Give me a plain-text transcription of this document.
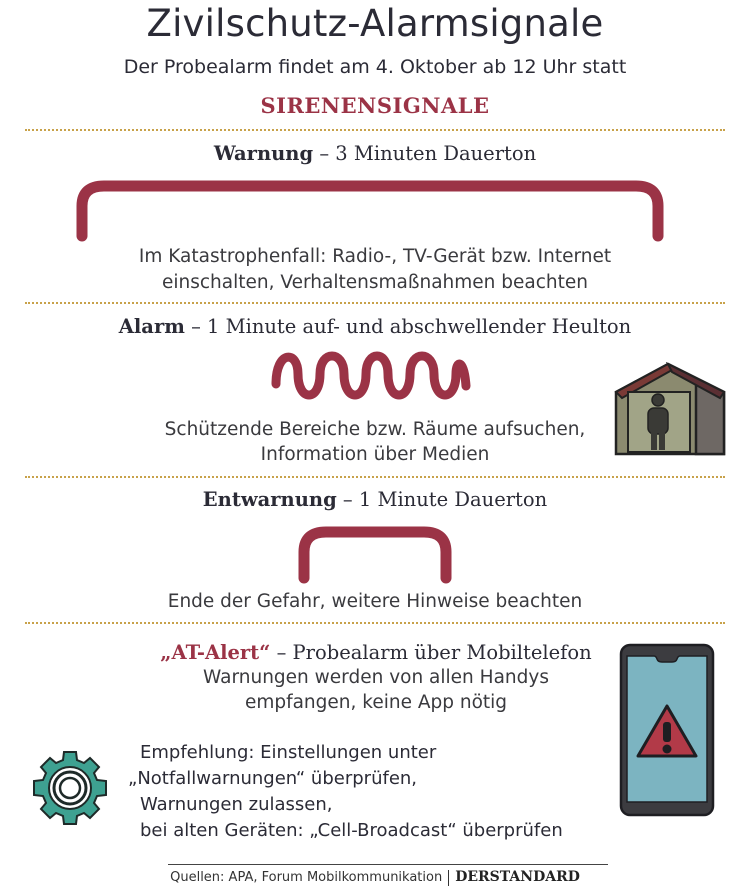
Zivilschutz-Alarmsignale
Der Probealarm findet am 4. Oktober ab 12 Uhr statt
SIRENENSIGNALE
Warnung – 3 Minuten Dauerton
Im Katastrophenfall: Radio-, TV-Gerät bzw. Internet
einschalten, Verhaltensmaßnahmen beachten
Alarm – 1 Minute auf- und abschwellender Heulton
Schützende Bereiche bzw. Räume aufsuchen,
Information über Medien
Entwarnung – 1 Minute Dauerton
Ende der Gefahr, weitere Hinweise beachten
„AT-Alert“ – Probealarm über Mobiltelefon
Warnungen werden von allen Handys
empfangen, keine App nötig
Empfehlung: Einstellungen unter
„Notfallwarnungen“ überprüfen,
Warnungen zulassen,
bei alten Geräten: „Cell-Broadcast“ überprüfen
Quellen: APA, Forum Mobilkommunikation DERSTANDARD
